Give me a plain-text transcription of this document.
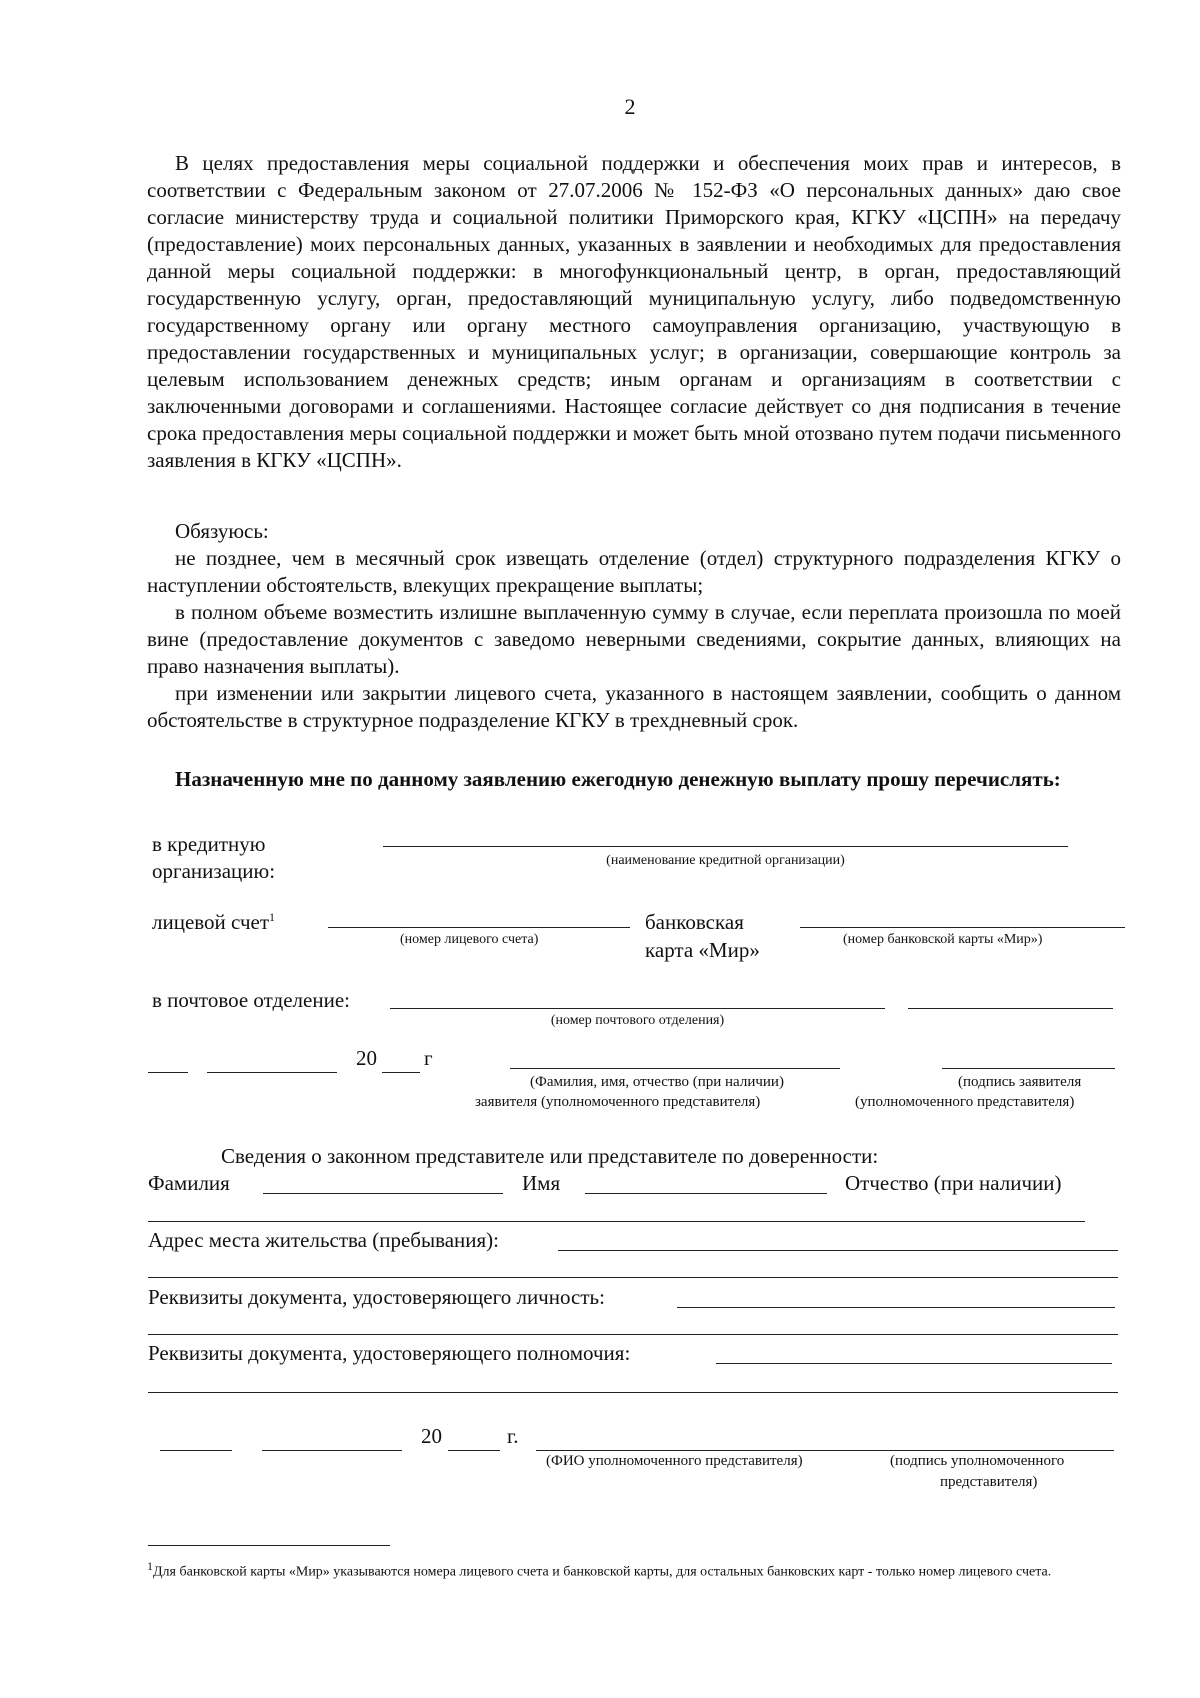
2
В целях предоставления меры социальной поддержки и обеспечения моих прав и интересов, в соответствии с Федеральным законом от 27.07.2006 № 152-ФЗ «О персональных данных» даю свое согласие министерству труда и социальной политики Приморского края, КГКУ «ЦСПН» на передачу (предоставление) моих персональных данных, указанных в заявлении и необходимых для предоставления данной меры социальной поддержки: в многофункциональный центр, в орган, предоставляющий государственную услугу, орган, предоставляющий муниципальную услугу, либо подведомственную государственному органу или органу местного самоуправления организацию, участвующую в предоставлении государственных и муниципальных услуг; в организации, совершающие контроль за целевым использованием денежных средств; иным органам и организациям в соответствии с заключенными договорами и соглашениями. Настоящее согласие действует со дня подписания в течение срока предоставления меры социальной поддержки и может быть мной отозвано путем подачи письменного заявления в КГКУ «ЦСПН».
Обязуюсь:
не позднее, чем в месячный срок извещать отделение (отдел) структурного подразделения КГКУ о наступлении обстоятельств, влекущих прекращение выплаты;
в полном объеме возместить излишне выплаченную сумму в случае, если переплата произошла по моей вине (предоставление документов с заведомо неверными сведениями, сокрытие данных, влияющих на право назначения выплаты).
при изменении или закрытии лицевого счета, указанного в настоящем заявлении, сообщить о данном обстоятельстве в структурное подразделение КГКУ в трехдневный срок.
Назначенную мне по данному заявлению ежегодную денежную выплату прошу перечислять:
в кредитную
организацию:	(наименование кредитной организации)
лицевой счет$^1$
(номер лицевого счета)
банковская
карта «Мир»	(номер банковской карты «Мир»)
в почтовое отделение:
(номер почтового отделения)
20 г
(Фамилия, имя, отчество (при наличии)
заявителя (уполномоченного представителя)
(подпись заявителя
(уполномоченного представителя)
Сведения о законном представителе или представителе по доверенности:
Фамилия	Имя	Отчество (при наличии)
Адрес места жительства (пребывания):
Реквизиты документа, удостоверяющего личность:
Реквизиты документа, удостоверяющего полномочия:
20	г.
(ФИО уполномоченного представителя)	(подпись уполномоченного
представителя)
$^1$Для банковской карты «Мир» указываются номера лицевого счета и банковской карты, для остальных банковских карт - только номер лицевого счета.
